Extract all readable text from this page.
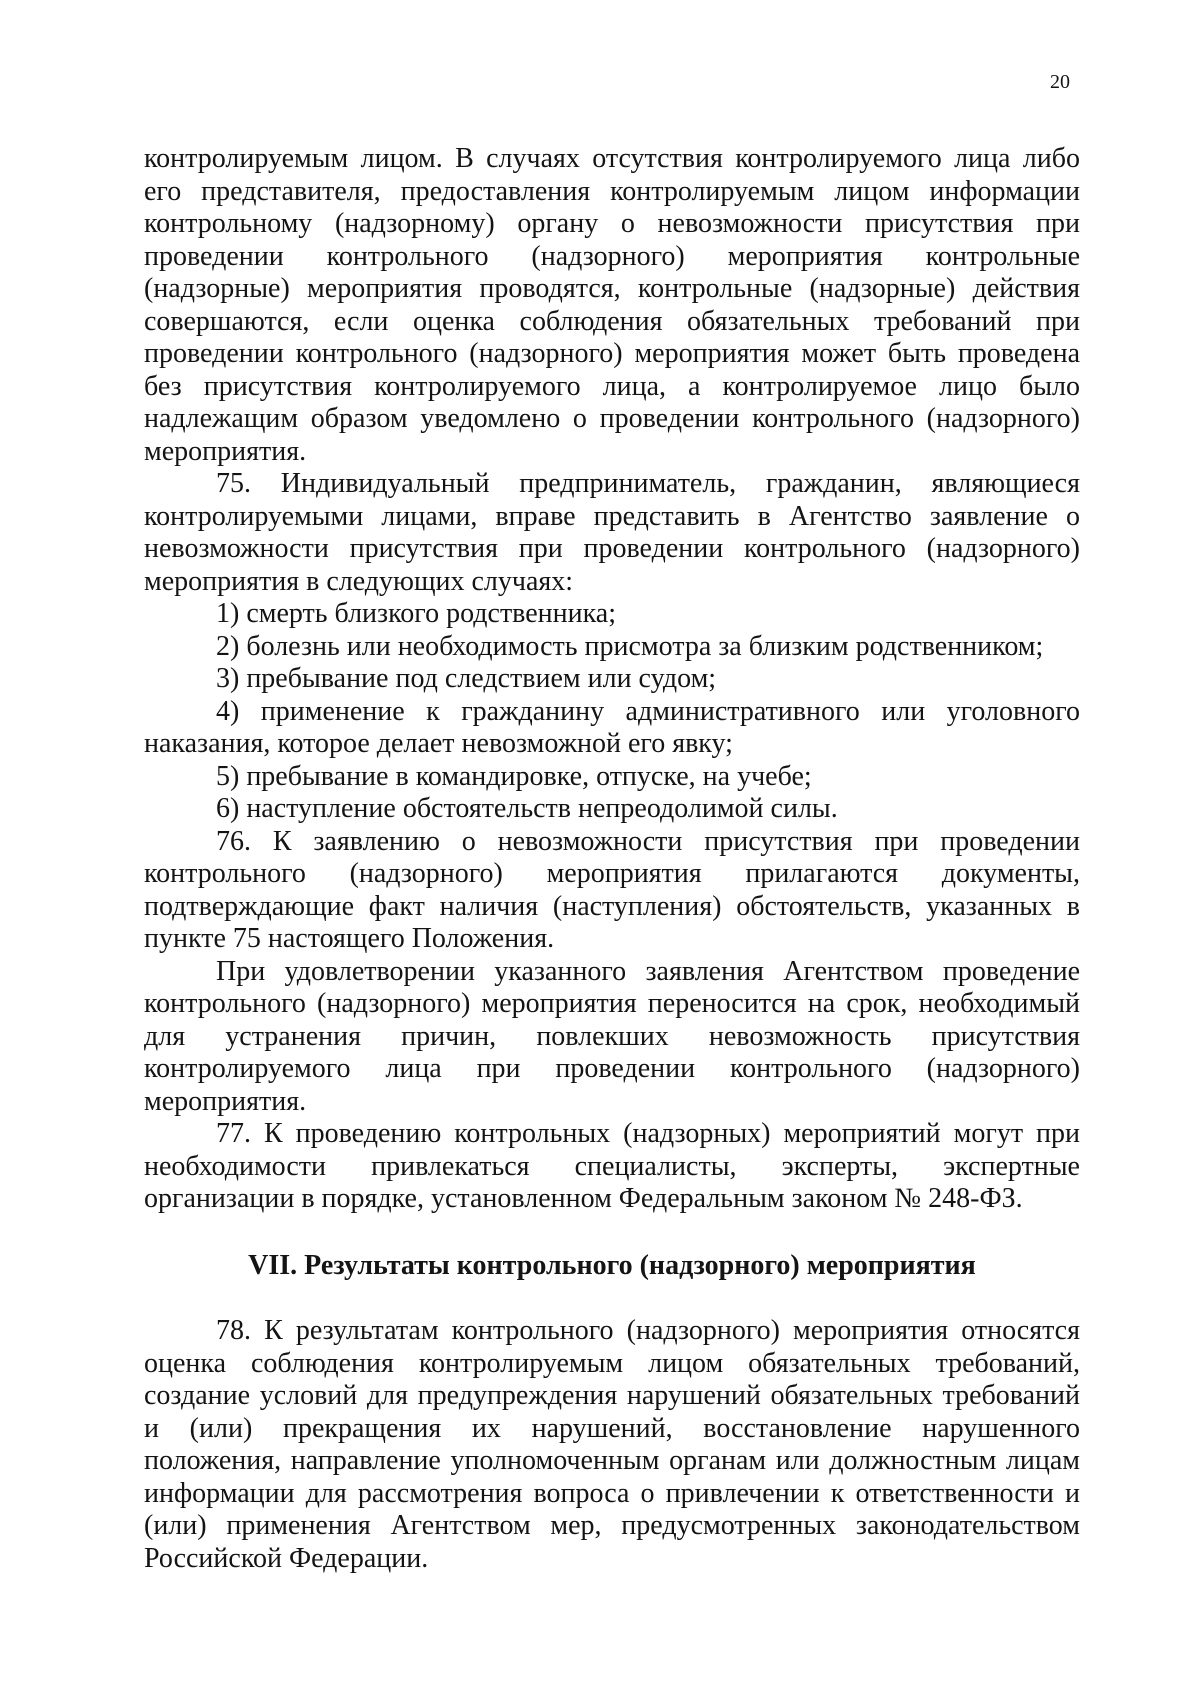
20

контролируемым лицом. В случаях отсутствия контролируемого лица либо его представителя, предоставления контролируемым лицом информации контрольному (надзорному) органу о невозможности присутствия при проведении контрольного (надзорного) мероприятия контрольные (надзорные) мероприятия проводятся, контрольные (надзорные) действия совершаются, если оценка соблюдения обязательных требований при проведении контрольного (надзорного) мероприятия может быть проведена без присутствия контролируемого лица, а контролируемое лицо было надлежащим образом уведомлено о проведении контрольного (надзорного) мероприятия.

75. Индивидуальный предприниматель, гражданин, являющиеся контролируемыми лицами, вправе представить в Агентство заявление о невозможности присутствия при проведении контрольного (надзорного) мероприятия в следующих случаях:

1) смерть близкого родственника;

2) болезнь или необходимость присмотра за близким родственником;

3) пребывание под следствием или судом;

4) применение к гражданину административного или уголовного наказания, которое делает невозможной его явку;

5) пребывание в командировке, отпуске, на учебе;

6) наступление обстоятельств непреодолимой силы.

76. К заявлению о невозможности присутствия при проведении контрольного (надзорного) мероприятия прилагаются документы, подтверждающие факт наличия (наступления) обстоятельств, указанных в пункте 75 настоящего Положения.

При удовлетворении указанного заявления Агентством проведение контрольного (надзорного) мероприятия переносится на срок, необходимый для устранения причин, повлекших невозможность присутствия контролируемого лица при проведении контрольного (надзорного) мероприятия.

77. К проведению контрольных (надзорных) мероприятий могут при необходимости привлекаться специалисты, эксперты, экспертные организации в порядке, установленном Федеральным законом № 248-ФЗ.

VII. Результаты контрольного (надзорного) мероприятия

78. К результатам контрольного (надзорного) мероприятия относятся оценка соблюдения контролируемым лицом обязательных требований, создание условий для предупреждения нарушений обязательных требований и (или) прекращения их нарушений, восстановление нарушенного положения, направление уполномоченным органам или должностным лицам информации для рассмотрения вопроса о привлечении к ответственности и (или) применения Агентством мер, предусмотренных законодательством Российской Федерации.
